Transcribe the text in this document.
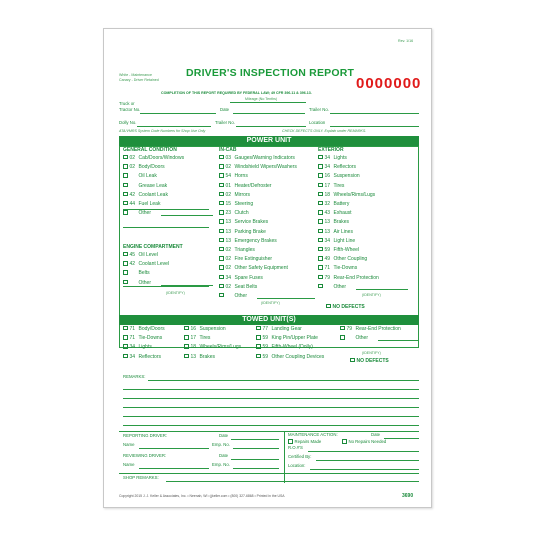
Rev. 1/16
White - Maintenance
Canary - Driver Retained
DRIVER'S INSPECTION REPORT
0000000
COMPLETION OF THIS REPORT REQUIRED BY FEDERAL LAW; 49 CFR 396.11 & 396.13.
Mileage (No Tenths)
Truck or
Tractor No.	Date	Trailer No.
Dolly No.	Trailer No.	Location
ATA/VMRS System Code Numbers for Shop Use Only	CHECK DEFECTS ONLY. Explain under REMARKS.
POWER UNIT
GENERAL CONDITION	IN-CAB	EXTERIOR
ENGINE COMPARTMENT
02 Cab/Doors/Windows
02 Body/Doors
Oil Leak
Grease Leak
42 Coolant Leak
44 Fuel Leak
Other
45 Oil Level
42 Coolant Level
Belts
Other
03 Gauges/Warning Indicators
02 Windshield Wipers/Washers
54 Horns
01 Heater/Defroster
02 Mirrors
15 Steering
23 Clutch
13 Service Brakes
13 Parking Brake
13 Emergency Brakes
02 Triangles
02 Fire Extinguisher
02 Other Safety Equipment
34 Spare Fuses
02 Seat Belts
Other
34 Lights
34 Reflectors
16 Suspension
17 Tires
18 Wheels/Rims/Lugs
32 Battery
43 Exhaust
13 Brakes
13 Air Lines
34 Light Line
59 Fifth-Wheel
49 Other Coupling
71 Tie-Downs
79 Rear-End Protection
Other
(IDENTIFY)
(IDENTIFY)
(IDENTIFY)
NO DEFECTS
TOWED UNIT(S)
71 Body/Doors
71 Tie-Downs
34 Lights
34 Reflectors
16 Suspension
17 Tires
18 Wheels/Rims/Lugs
13 Brakes
77 Landing Gear
59 King Pin/Upper Plate
59 Fifth-Wheel (Dolly)
59 Other Coupling Devices
79 Rear-End Protection
Other
(IDENTIFY)
NO DEFECTS
REMARKS:
REPORTING DRIVER:	Date
Name	Emp. No.
REVIEWING DRIVER:	Date
Name	Emp. No.
MAINTENANCE ACTION:	Date
Repairs Made	No Repairs Needed
R.O.#'S
Certified By:
Location:
SHOP REMARKS:
Copyright 2015 J. J. Keller & Associates, Inc. • Neenah, WI • jjkeller.com • (800) 327-6868 • Printed in the USA	3690
